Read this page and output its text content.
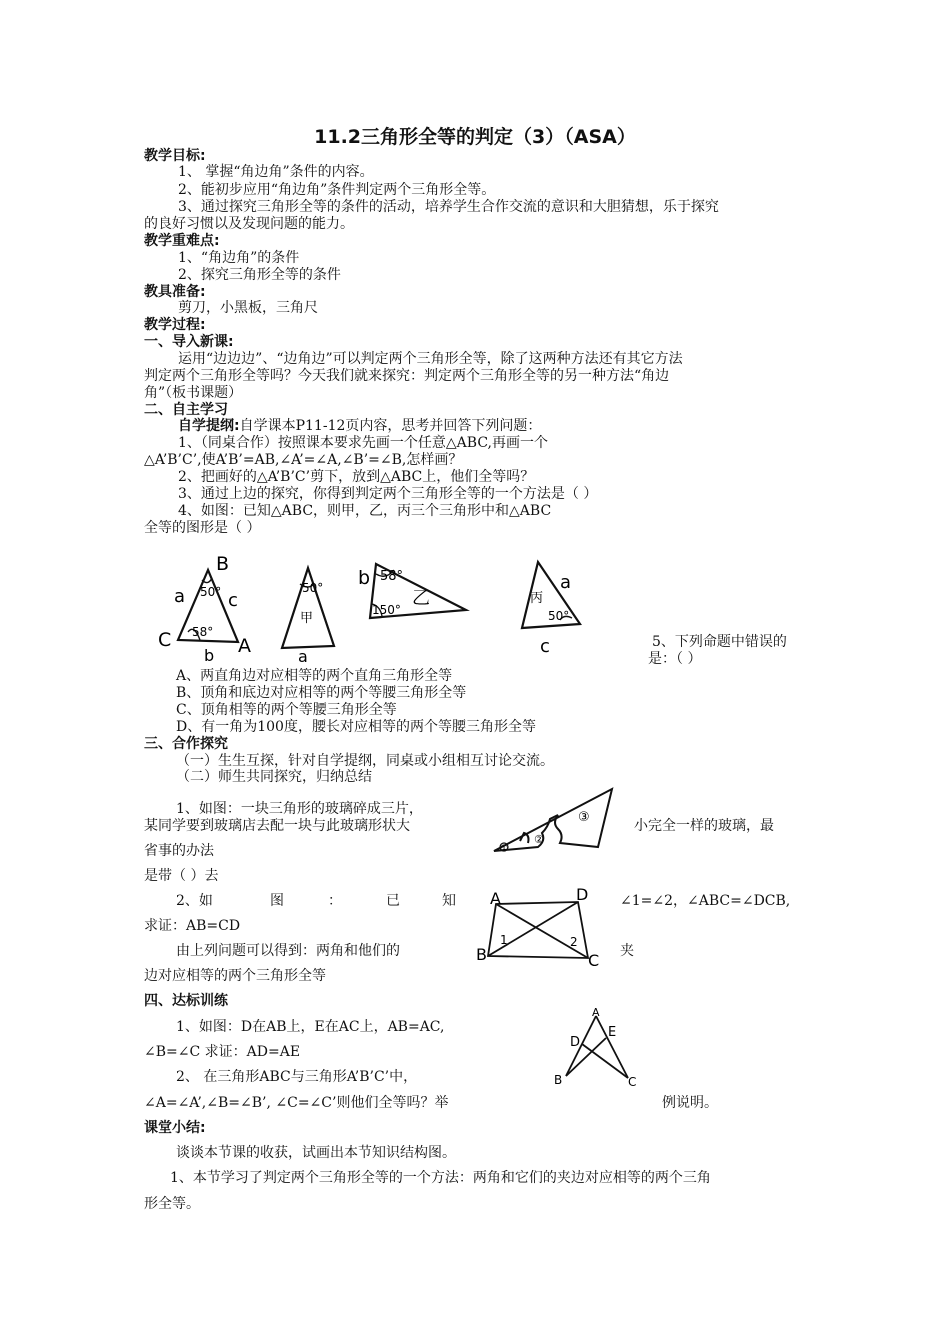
11.2三角形全等的判定（3）（ASA）
教学目标:
1、 掌握“角边角”条件的内容。
2、能初步应用“角边角”条件判定两个三角形全等。
3、通过探究三角形全等的条件的活动，培养学生合作交流的意识和大胆猜想，乐于探究
的良好习惯以及发现问题的能力。
教学重难点:
1、“角边角”的条件
2、探究三角形全等的条件
教具准备:
剪刀，小黑板，三角尺
教学过程:
一、导入新课:
运用“边边边”、“边角边”可以判定两个三角形全等，除了这两种方法还有其它方法
判定两个三角形全等吗？今天我们就来探究：判定两个三角形全等的另一种方法“角边
角”（板书课题）
二、自主学习
自学提纲:自学课本P11-12页内容，思考并回答下列问题：
1、（同桌合作）按照课本要求先画一个任意△ABC,再画一个
△A’B’C’,使A’B’=AB,∠A’=∠A,∠B’=∠B,怎样画？
2、把画好的△A’B’C’剪下，放到△ABC上，他们全等吗？
3、通过上边的探究，你得到判定两个三角形全等的一个方法是（ ）
4、如图：已知△ABC，则甲，乙，丙三个三角形中和△ABC
全等的图形是（ ）
B
A
C
50°
58°
a c
b
50°
甲
a
b 58°
150°
乙	丙
50°
a
c	5、下列命题中错误的
是：（ ）
A、两直角边对应相等的两个直角三角形全等
B、顶角和底边对应相等的两个等腰三角形全等
C、顶角相等的两个等腰三角形全等
D、有一角为100度，腰长对应相等的两个等腰三角形全等
三、合作探究
（一）生生互探，针对自学提纲，同桌或小组相互讨论交流。
（二）师生共同探究，归纳总结
1、如图：一块三角形的玻璃碎成三片，
某同学要到玻璃店去配一块与此玻璃形状大	小完全一样的玻璃，最
省事的办法
是带（ ）去
①
②
③
2、如	图	：	已	知	∠1=∠2，∠ABC=∠DCB,
求证：AB=CD
A	D
B	C
1	2
由上列问题可以得到：两角和他们的	夹
边对应相等的两个三角形全等
四、达标训练
1、如图：D在AB上，E在AC上，AB=AC,
∠B=∠C 求证：AD=AE
2、 在三角形ABC与三角形A’B’C’中，
∠A=∠A’,∠B=∠B’, ∠C=∠C’则他们全等吗？举	例说明。
A
D
E
B	C
课堂小结:
谈谈本节课的收获，试画出本节知识结构图。
1、本节学习了判定两个三角形全等的一个方法：两角和它们的夹边对应相等的两个三角
形全等。
